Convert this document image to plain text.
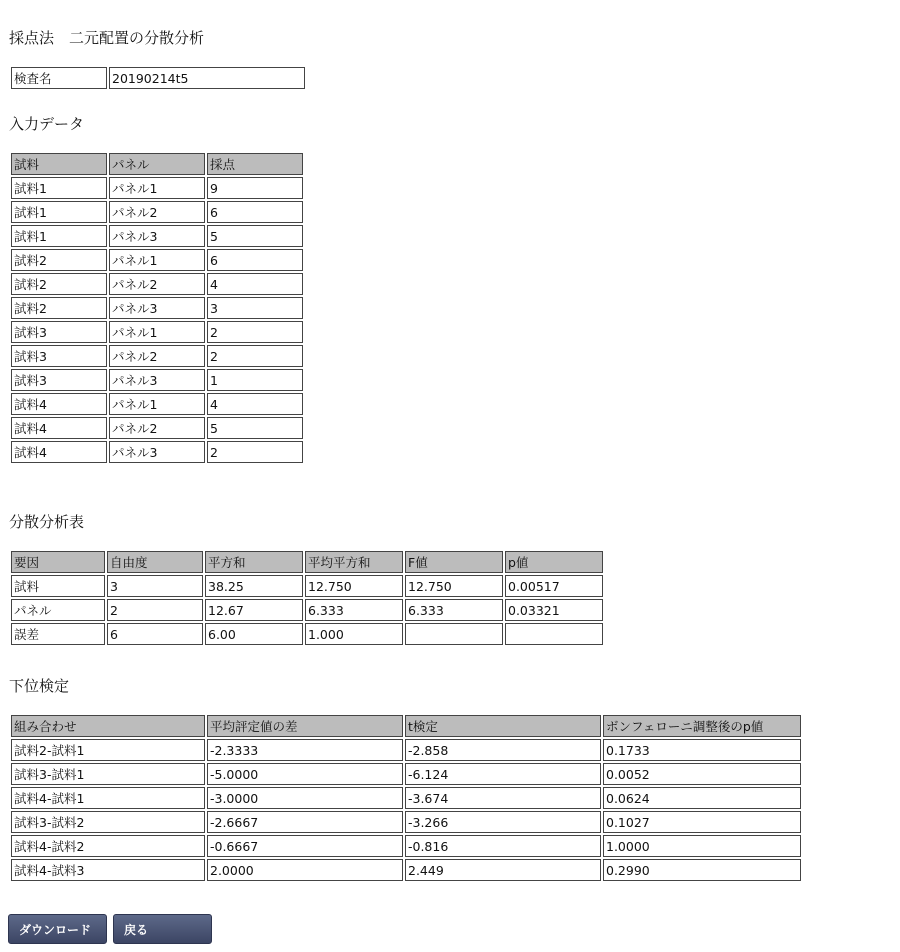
採点法　二元配置の分散分析
検査名	20190214t5
入力データ
試料	パネル	採点
試料1	パネル1	9
試料1	パネル2	6
試料1	パネル3	5
試料2	パネル1	6
試料2	パネル2	4
試料2	パネル3	3
試料3	パネル1	2
試料3	パネル2	2
試料3	パネル3	1
試料4	パネル1	4
試料4	パネル2	5
試料4	パネル3	2
分散分析表
要因	自由度	平方和	平均平方和	F値	p値
試料	3	38.25	12.750	12.750	0.00517
パネル	2	12.67	6.333	6.333	0.03321
誤差	6	6.00	1.000		
下位検定
組み合わせ	平均評定値の差	t検定	ボンフェローニ調整後のp値
試料2-試料1	-2.3333	-2.858	0.1733
試料3-試料1	-5.0000	-6.124	0.0052
試料4-試料1	-3.0000	-3.674	0.0624
試料3-試料2	-2.6667	-3.266	0.1027
試料4-試料2	-0.6667	-0.816	1.0000
試料4-試料3	2.0000	2.449	0.2990
ダウンロード	戻る
